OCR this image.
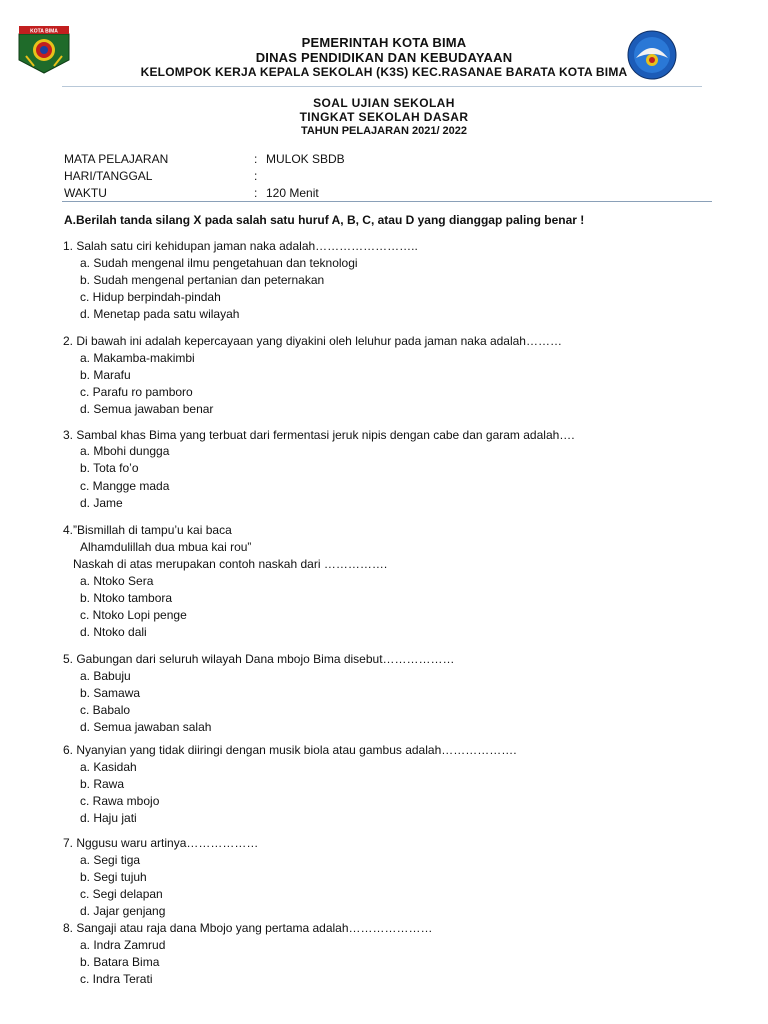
KOTA BIMA
PEMERINTAH KOTA BIMA
DINAS PENDIDIKAN DAN KEBUDAYAAN
KELOMPOK KERJA KEPALA SEKOLAH (K3S) KEC.RASANAE BARATA KOTA BIMA
SOAL UJIAN SEKOLAH
TINGKAT SEKOLAH DASAR
TAHUN PELAJARAN 2021/ 2022
MATA PELAJARAN	: MULOK SBDB
HARI/TANGGAL	:
WAKTU	: 120 Menit
A.Berilah tanda silang X pada salah satu huruf A, B, C, atau D yang dianggap paling benar !
1. Salah satu ciri kehidupan jaman naka adalah……………………..
a. Sudah mengenal ilmu pengetahuan dan teknologi
b. Sudah mengenal pertanian dan peternakan
c. Hidup berpindah-pindah
d. Menetap pada satu wilayah
2. Di bawah ini adalah kepercayaan yang diyakini oleh leluhur pada jaman naka adalah………
a. Makamba-makimbi
b. Marafu
c. Parafu ro pamboro
d. Semua jawaban benar
3. Sambal khas Bima yang terbuat dari fermentasi jeruk nipis dengan cabe dan garam adalah….
a. Mbohi dungga
b. Tota fo’o
c. Mangge mada
d. Jame
4.”Bismillah di tampu’u kai baca
Alhamdulillah dua mbua kai rou”
Naskah di atas merupakan contoh naskah dari …………….
a. Ntoko Sera
b. Ntoko tambora
c. Ntoko Lopi penge
d. Ntoko dali
5. Gabungan dari seluruh wilayah Dana mbojo Bima disebut………………
a. Babuju
b. Samawa
c. Babalo
d. Semua jawaban salah
6. Nyanyian yang tidak diiringi dengan musik biola atau gambus adalah……………….
a. Kasidah
b. Rawa
c. Rawa mbojo
d. Haju jati
7. Nggusu waru artinya………………
a. Segi tiga
b. Segi tujuh
c. Segi delapan
d. Jajar genjang
8. Sangaji atau raja dana Mbojo yang pertama adalah…………………
a. Indra Zamrud
b. Batara Bima
c. Indra Terati
